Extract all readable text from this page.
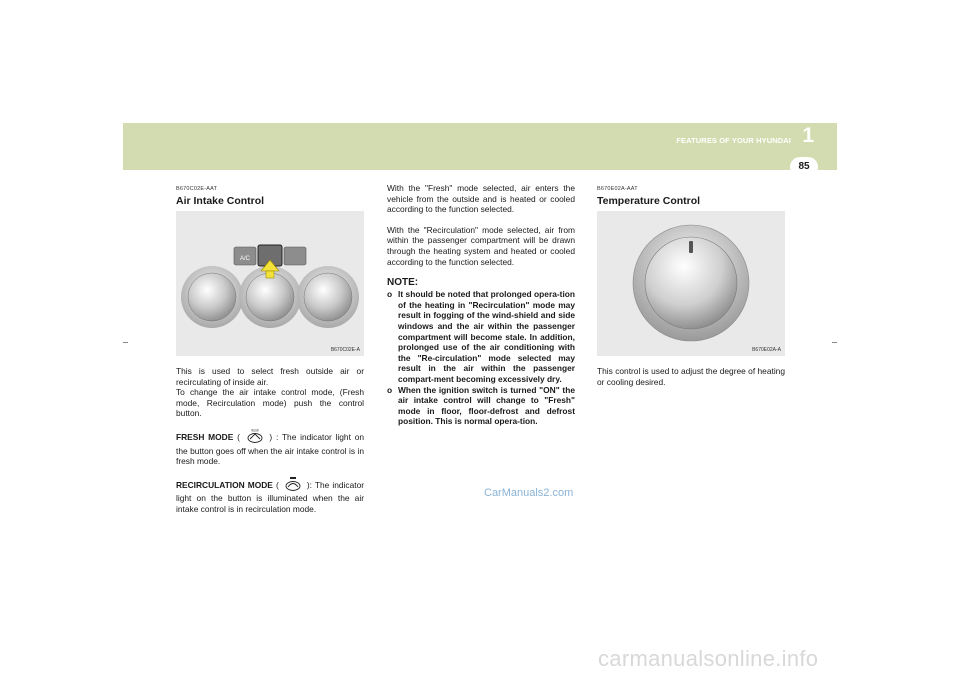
FEATURES OF YOUR HYUNDAI 1
85
B670C02E-AAT
Air Intake Control
A/C
B670C02E-A

This is used to select fresh outside air or recirculating of inside air.

To change the air intake control mode, (Fresh mode, Recirculation mode) push the control button.

FRESH MODE (	) : The indicator light on the button goes off when the air intake control is in fresh mode.

RECIRCULATION MODE (	): The indicator light on the button is illuminated when the air intake control is in recirculation mode.

With the "Fresh" mode selected, air enters the vehicle from the outside and is heated or cooled according to the function selected.

With the "Recirculation" mode selected, air from within the passenger compartment will be drawn through the heating system and heated or cooled according to the function selected.

NOTE:
o It should be noted that prolonged opera-tion of the heating in "Recirculation" mode may result in fogging of the wind-shield and side windows and the air within the passenger compartment will become stale. In addition, prolonged use of the air conditioning with the "Re-circulation" mode selected may result in the air within the passenger compart-ment becoming excessively dry.
o When the ignition switch is turned "ON" the air intake control will change to "Fresh" mode in floor, floor-defrost and defrost position. This is normal opera-tion.
B670E02A-AAT
Temperature Control
B670E02A-A

This control is used to adjust the degree of heating or cooling desired.

CarManuals2.com
carmanualsonline.info
